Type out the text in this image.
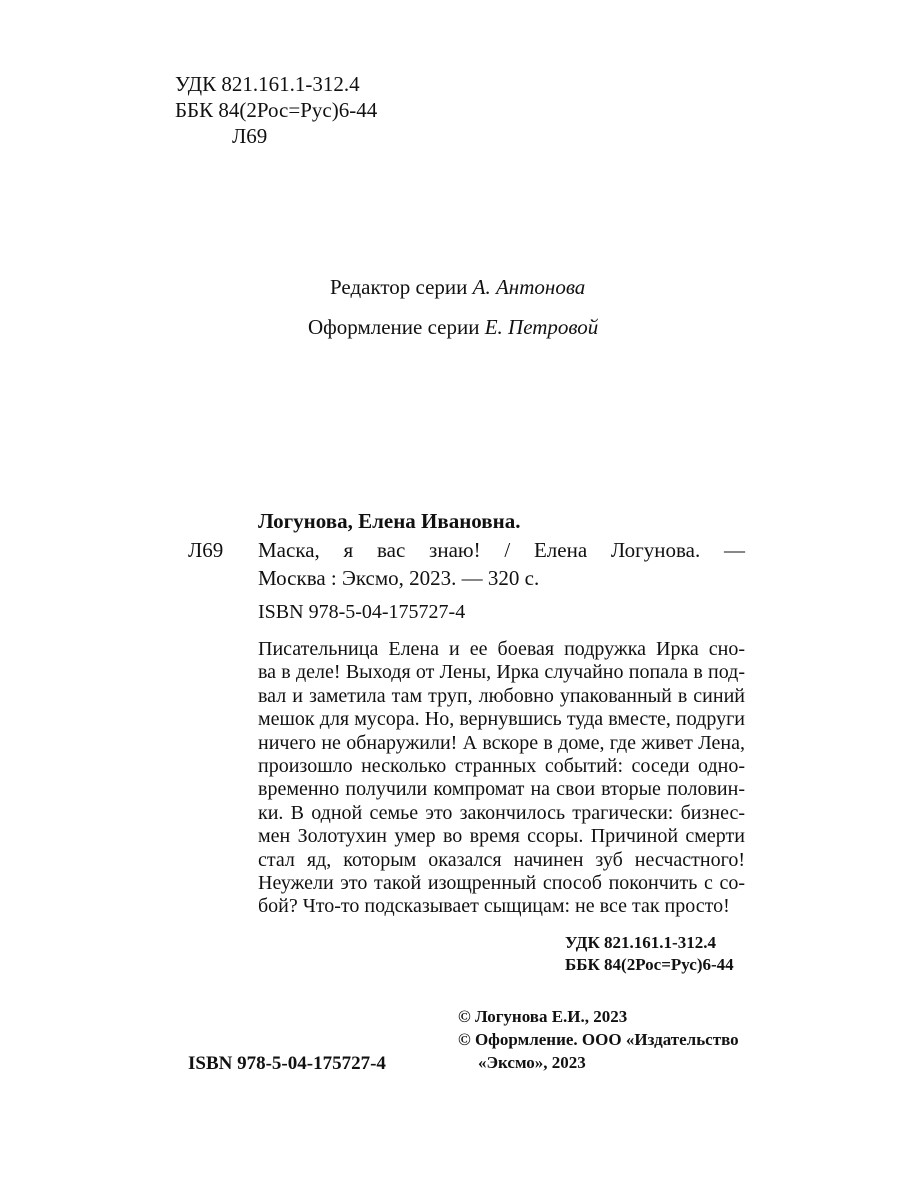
УДК 821.161.1-312.4
ББК 84(2Рос=Рус)6-44
Л69
Редактор серии А. Антонова
Оформление серии Е. Петровой
Логунова, Елена Ивановна.
Л69 Маска, я вас знаю! / Елена Логунова. —
Москва : Эксмо, 2023. — 320 с.
ISBN 978-5-04-175727-4
Писательница Елена и ее боевая подружка Ирка сно-
ва в деле! Выходя от Лены, Ирка случайно попала в под-
вал и заметила там труп, любовно упакованный в синий
мешок для мусора. Но, вернувшись туда вместе, подруги
ничего не обнаружили! А вскоре в доме, где живет Лена,
произошло несколько странных событий: соседи одно-
временно получили компромат на свои вторые половин-
ки. В одной семье это закончилось трагически: бизнес-
мен Золотухин умер во время ссоры. Причиной смерти
стал яд, которым оказался начинен зуб несчастного!
Неужели это такой изощренный способ покончить с со-
бой? Что-то подсказывает сыщицам: не все так просто!
УДК 821.161.1-312.4
ББК 84(2Рос=Рус)6-44
© Логунова Е.И., 2023
© Оформление. ООО «Издательство
«Эксмо», 2023
ISBN 978-5-04-175727-4
